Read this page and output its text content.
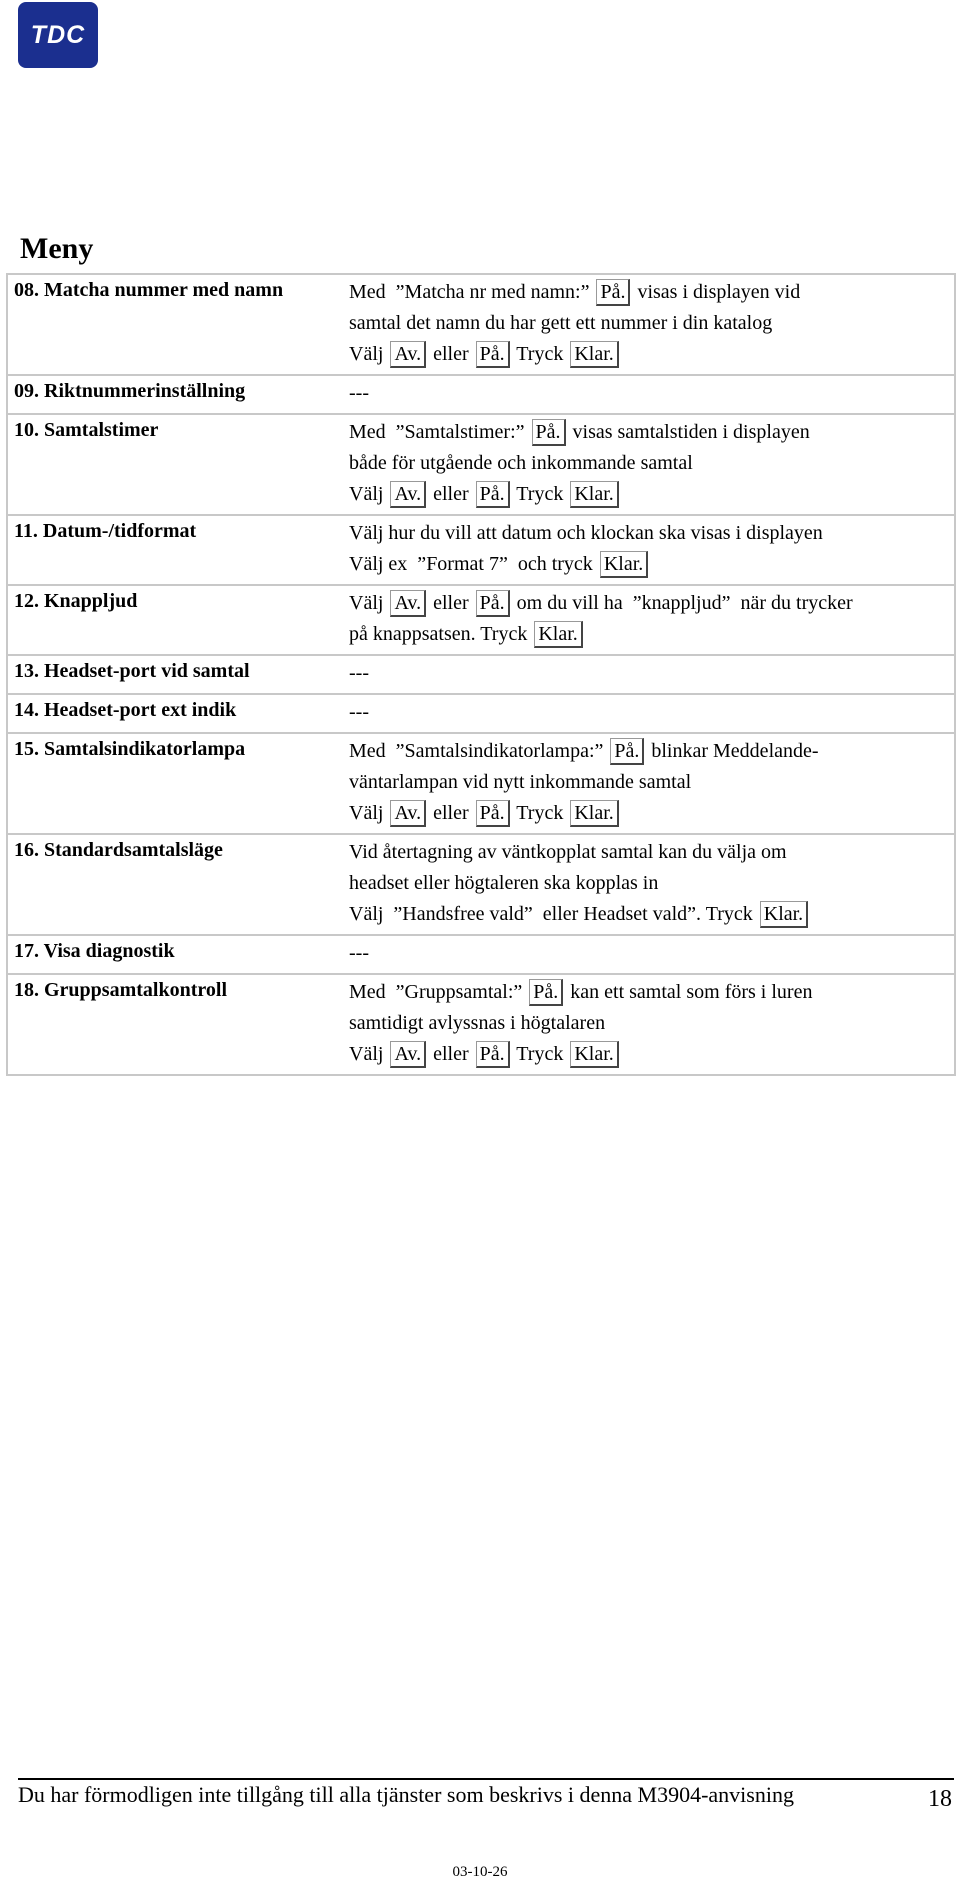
TDC
Meny
08. Matcha nummer med namn	Med  ”Matcha nr med namn:” På. visas i displayen vid
samtal det namn du har gett ett nummer i din katalog
Välj Av. eller På. Tryck Klar.

09. Riktnummerinställning	---

10. Samtalstimer	Med  ”Samtalstimer:” På. visas samtalstiden i displayen
både för utgående och inkommande samtal
Välj Av. eller På. Tryck Klar.

11. Datum-/tidformat	Välj hur du vill att datum och klockan ska visas i displayen
Välj ex  ”Format 7”  och tryck Klar.

12. Knappljud	Välj Av. eller På. om du vill ha  ”knappljud”  när du trycker
på knappsatsen. Tryck Klar.

13. Headset-port vid samtal	---

14. Headset-port ext indik	---

15. Samtalsindikatorlampa	Med  ”Samtalsindikatorlampa:” På. blinkar Meddelande-
väntarlampan vid nytt inkommande samtal
Välj Av. eller På. Tryck Klar.

16. Standardsamtalsläge	Vid återtagning av väntkopplat samtal kan du välja om
headset eller högtaleren ska kopplas in
Välj  ”Handsfree vald”  eller Headset vald”. Tryck Klar.

17. Visa diagnostik	---

18. Gruppsamtalkontroll	Med  ”Gruppsamtal:” På. kan ett samtal som förs i luren
samtidigt avlyssnas i högtalaren
Välj Av. eller På. Tryck Klar.
Du har förmodligen inte tillgång till alla tjänster som beskrivs i denna M3904-anvisning	18
03-10-26
